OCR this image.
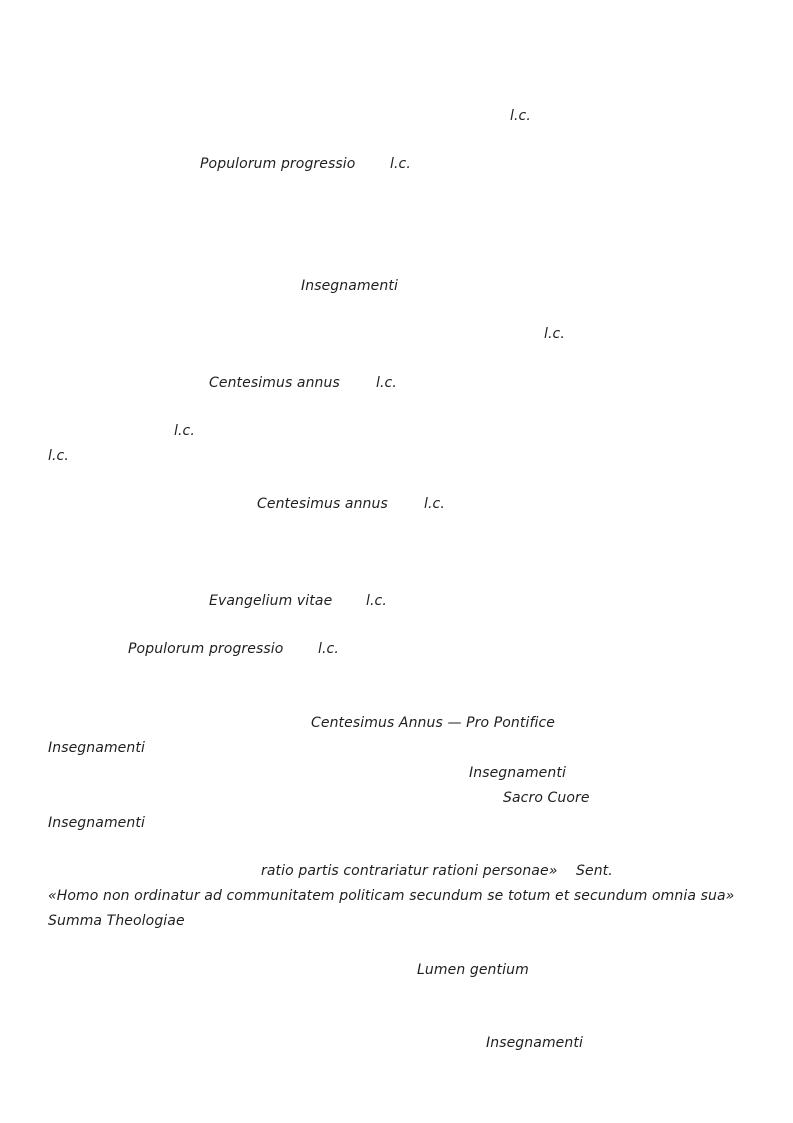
l.c.
Populorum progressio l.c.
Insegnamenti
l.c.
Centesimus annus	l.c.
l.c.
l.c.
Centesimus annus	l.c.
Evangelium vitae l.c.
Populorum progressio l.c.
Centesimus Annus — Pro Pontifice
Insegnamenti
Insegnamenti
Sacro Cuore
Insegnamenti
ratio partis contrariatur rationi personae» Sent.
«Homo non ordinatur ad communitatem politicam secundum se totum et secundum omnia sua»
Summa Theologiae
Lumen gentium
Insegnamenti
